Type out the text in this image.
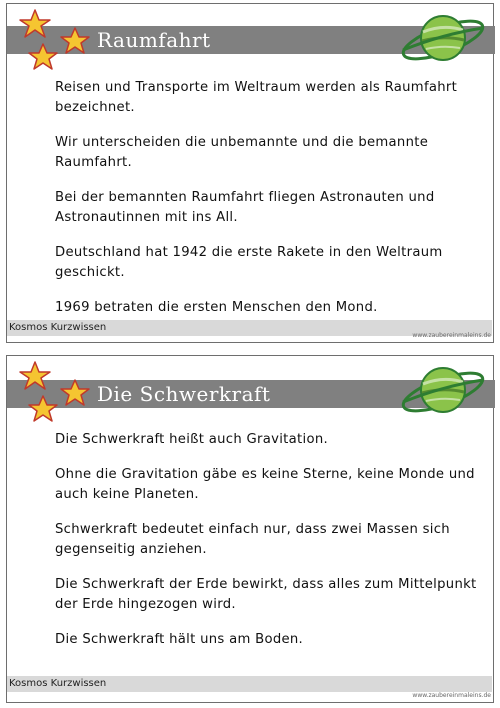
Raumfahrt

Reisen und Transporte im Weltraum werden als Raumfahrt bezeichnet.

Wir unterscheiden die unbemannte und die bemannte Raumfahrt.

Bei der bemannten Raumfahrt fliegen Astronauten und Astronautinnen mit ins All.

Deutschland hat 1942 die erste Rakete in den Weltraum geschickt.

1969 betraten die ersten Menschen den Mond.

Kosmos Kurzwissen
www.zaubereinmaleins.de
Die Schwerkraft

Die Schwerkraft heißt auch Gravitation.

Ohne die Gravitation gäbe es keine Sterne, keine Monde und auch keine Planeten.

Schwerkraft bedeutet einfach nur, dass zwei Massen sich gegenseitig anziehen.

Die Schwerkraft der Erde bewirkt, dass alles zum Mittelpunkt der Erde hingezogen wird.

Die Schwerkraft hält uns am Boden.

Kosmos Kurzwissen
www.zaubereinmaleins.de
